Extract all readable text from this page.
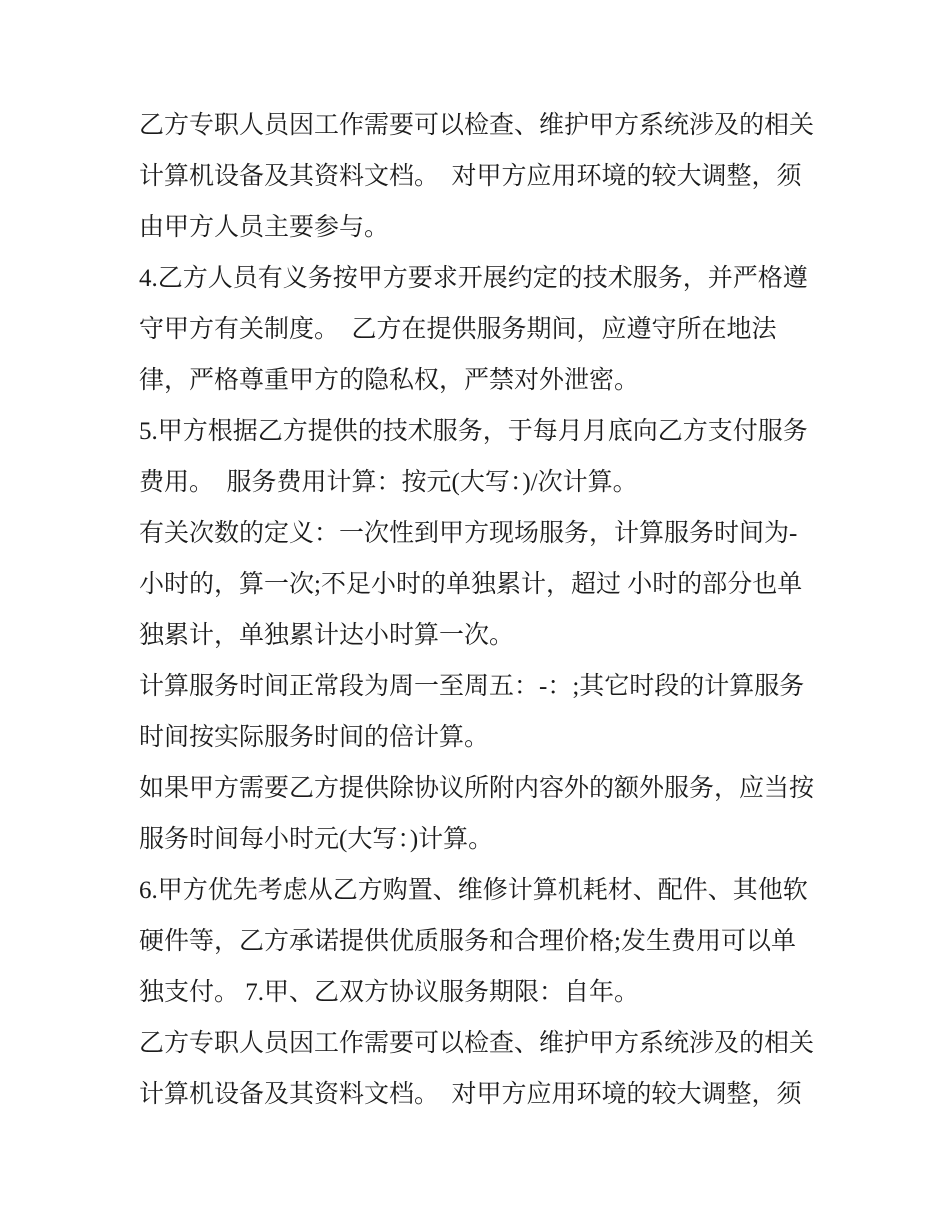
乙方专职人员因工作需要可以检查、维护甲方系统涉及的相关
计算机设备及其资料文档。　对甲方应用环境的较大调整，须
由甲方人员主要参与。
4.乙方人员有义务按甲方要求开展约定的技术服务，并严格遵
守甲方有关制度。　乙方在提供服务期间，应遵守所在地法
律，严格尊重甲方的隐私权，严禁对外泄密。
5.甲方根据乙方提供的技术服务，于每月月底向乙方支付服务
费用。　服务费用计算：按元(大写：)/次计算。
有关次数的定义：一次性到甲方现场服务，计算服务时间为-
小时的，算一次;不足小时的单独累计，超过 小时的部分也单
独累计，单独累计达小时算一次。
计算服务时间正常段为周一至周五：-：;其它时段的计算服务
时间按实际服务时间的倍计算。
如果甲方需要乙方提供除协议所附内容外的额外服务，应当按
服务时间每小时元(大写：)计算。
6.甲方优先考虑从乙方购置、维修计算机耗材、配件、其他软
硬件等，乙方承诺提供优质服务和合理价格;发生费用可以单
独支付。 7.甲、乙双方协议服务期限：自年。
乙方专职人员因工作需要可以检查、维护甲方系统涉及的相关
计算机设备及其资料文档。　对甲方应用环境的较大调整，须
